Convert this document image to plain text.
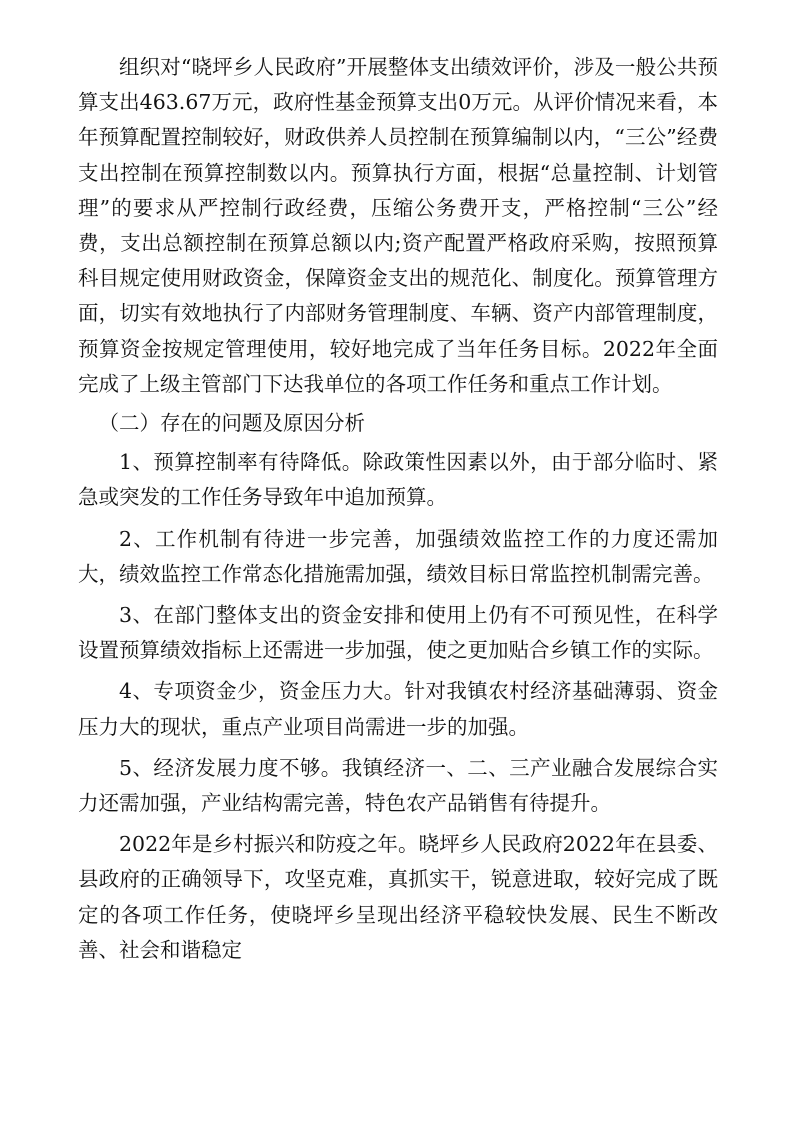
组织对“晓坪乡人民政府”开展整体支出绩效评价，涉及一般公共预算支出463.67万元，政府性基金预算支出0万元。从评价情况来看，本年预算配置控制较好，财政供养人员控制在预算编制以内，“三公”经费支出控制在预算控制数以内。预算执行方面，根据“总量控制、计划管理”的要求从严控制行政经费，压缩公务费开支，严格控制“三公”经费，支出总额控制在预算总额以内;资产配置严格政府采购，按照预算科目规定使用财政资金，保障资金支出的规范化、制度化。预算管理方面，切实有效地执行了内部财务管理制度、车辆、资产内部管理制度，预算资金按规定管理使用，较好地完成了当年任务目标。2022年全面完成了上级主管部门下达我单位的各项工作任务和重点工作计划。

（二）存在的问题及原因分析

1、预算控制率有待降低。除政策性因素以外，由于部分临时、紧急或突发的工作任务导致年中追加预算。

2、工作机制有待进一步完善，加强绩效监控工作的力度还需加大，绩效监控工作常态化措施需加强，绩效目标日常监控机制需完善。

3、在部门整体支出的资金安排和使用上仍有不可预见性，在科学设置预算绩效指标上还需进一步加强，使之更加贴合乡镇工作的实际。

4、专项资金少，资金压力大。针对我镇农村经济基础薄弱、资金压力大的现状，重点产业项目尚需进一步的加强。

5、经济发展力度不够。我镇经济一、二、三产业融合发展综合实力还需加强，产业结构需完善，特色农产品销售有待提升。

2022年是乡村振兴和防疫之年。晓坪乡人民政府2022年在县委、县政府的正确领导下，攻坚克难，真抓实干，锐意进取，较好完成了既定的各项工作任务，使晓坪乡呈现出经济平稳较快发展、民生不断改善、社会和谐稳定
